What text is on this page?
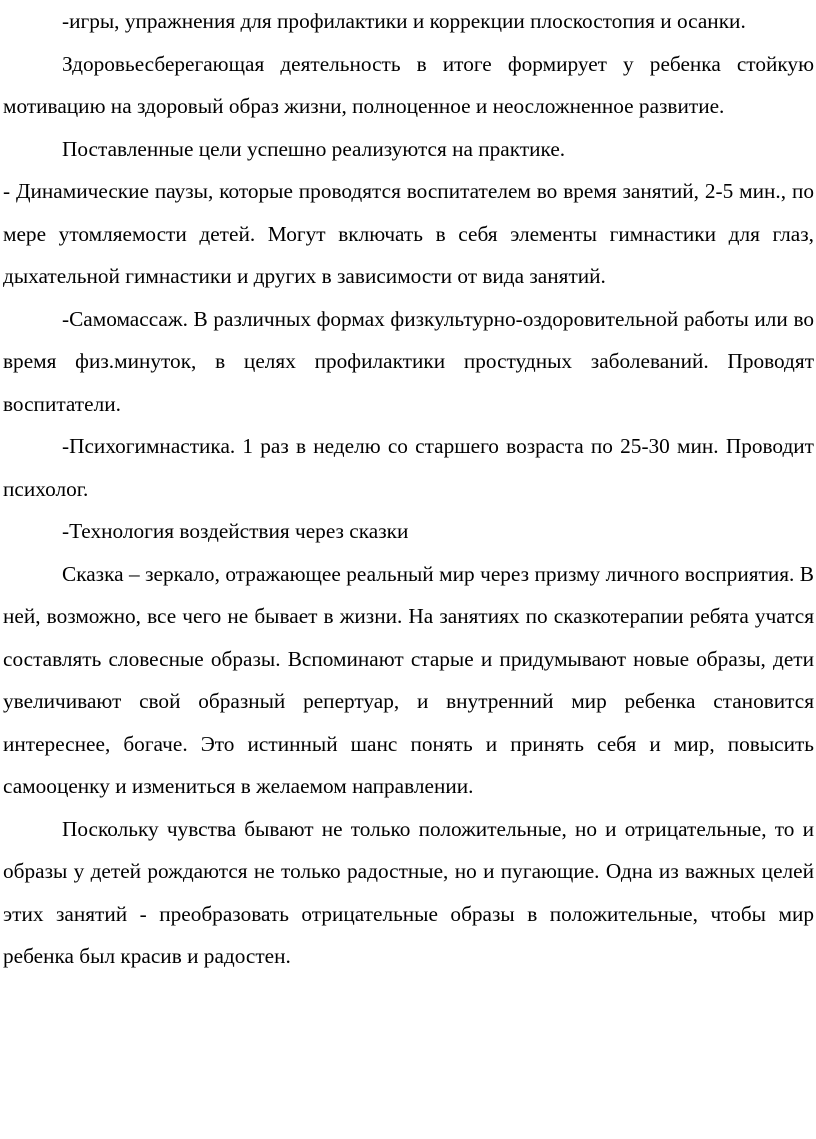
-игры, упражнения для профилактики и коррекции плоскостопия и осанки.

Здоровьесберегающая деятельность в итоге формирует у ребенка стойкую мотивацию на здоровый образ жизни, полноценное и неосложненное развитие.

Поставленные цели успешно реализуются на практике.

- Динамические паузы, которые проводятся воспитателем во время занятий, 2-5 мин., по мере утомляемости детей. Могут включать в себя элементы гимнастики для глаз, дыхательной гимнастики и других в зависимости от вида занятий.

-Самомассаж. В различных формах физкультурно-оздоровительной работы или во время физ.минуток, в целях профилактики простудных заболеваний. Проводят воспитатели.

-Психогимнастика. 1 раз в неделю со старшего возраста по 25-30 мин. Проводит психолог.

-Технология воздействия через сказки

Сказка – зеркало, отражающее реальный мир через призму личного восприятия. В ней, возможно, все чего не бывает в жизни. На занятиях по сказкотерапии ребята учатся составлять словесные образы. Вспоминают старые и придумывают новые образы, дети увеличивают свой образный репертуар, и внутренний мир ребенка становится интереснее, богаче. Это истинный шанс понять и принять себя и мир, повысить самооценку и измениться в желаемом направлении.

Поскольку чувства бывают не только положительные, но и отрицательные, то и образы у детей рождаются не только радостные, но и пугающие. Одна из важных целей этих занятий - преобразовать отрицательные образы в положительные, чтобы мир ребенка был красив и радостен.
